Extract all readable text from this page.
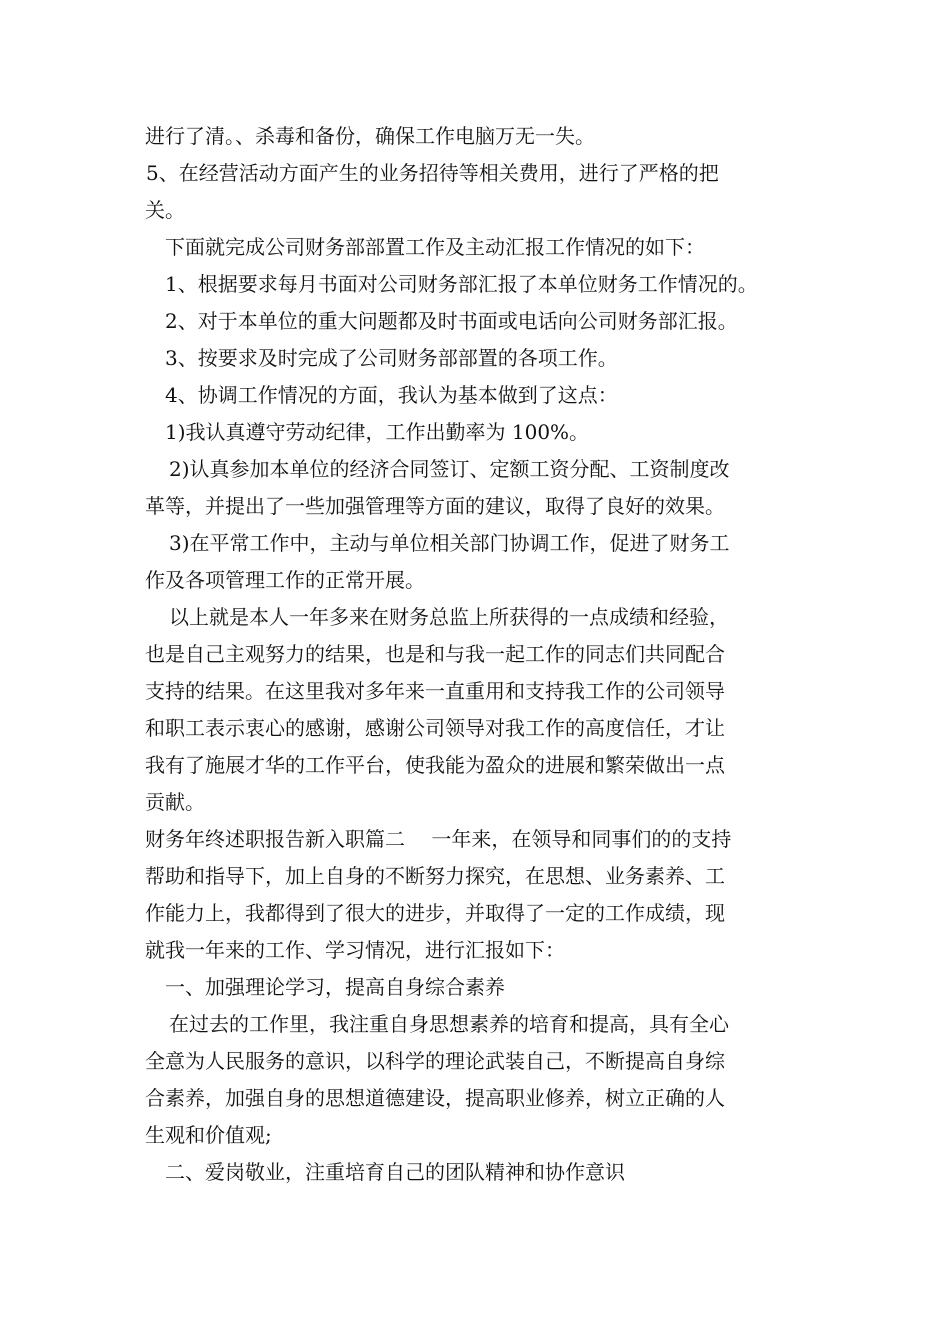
进行了清。、杀毒和备份，确保工作电脑万无一失。
5、在经营活动方面产生的业务招待等相关费用，进行了严格的把
关。
下面就完成公司财务部部置工作及主动汇报工作情况的如下：
1、根据要求每月书面对公司财务部汇报了本单位财务工作情况的。
2、对于本单位的重大问题都及时书面或电话向公司财务部汇报。
3、按要求及时完成了公司财务部部置的各项工作。
4、协调工作情况的方面，我认为基本做到了这点：
1)我认真遵守劳动纪律，工作出勤率为 100%。
2)认真参加本单位的经济合同签订、定额工资分配、工资制度改
革等，并提出了一些加强管理等方面的建议，取得了良好的效果。
3)在平常工作中，主动与单位相关部门协调工作，促进了财务工
作及各项管理工作的正常开展。
以上就是本人一年多来在财务总监上所获得的一点成绩和经验，
也是自己主观努力的结果，也是和与我一起工作的同志们共同配合
支持的结果。在这里我对多年来一直重用和支持我工作的公司领导
和职工表示衷心的感谢，感谢公司领导对我工作的高度信任，才让
我有了施展才华的工作平台，使我能为盈众的进展和繁荣做出一点
贡献。
财务年终述职报告新入职篇二　 一年来，在领导和同事们的的支持
帮助和指导下，加上自身的不断努力探究，在思想、业务素养、工
作能力上，我都得到了很大的进步，并取得了一定的工作成绩，现
就我一年来的工作、学习情况，进行汇报如下：
一、加强理论学习，提高自身综合素养
在过去的工作里，我注重自身思想素养的培育和提高，具有全心
全意为人民服务的意识，以科学的理论武装自己，不断提高自身综
合素养，加强自身的思想道德建设，提高职业修养，树立正确的人
生观和价值观;
二、爱岗敬业，注重培育自己的团队精神和协作意识
